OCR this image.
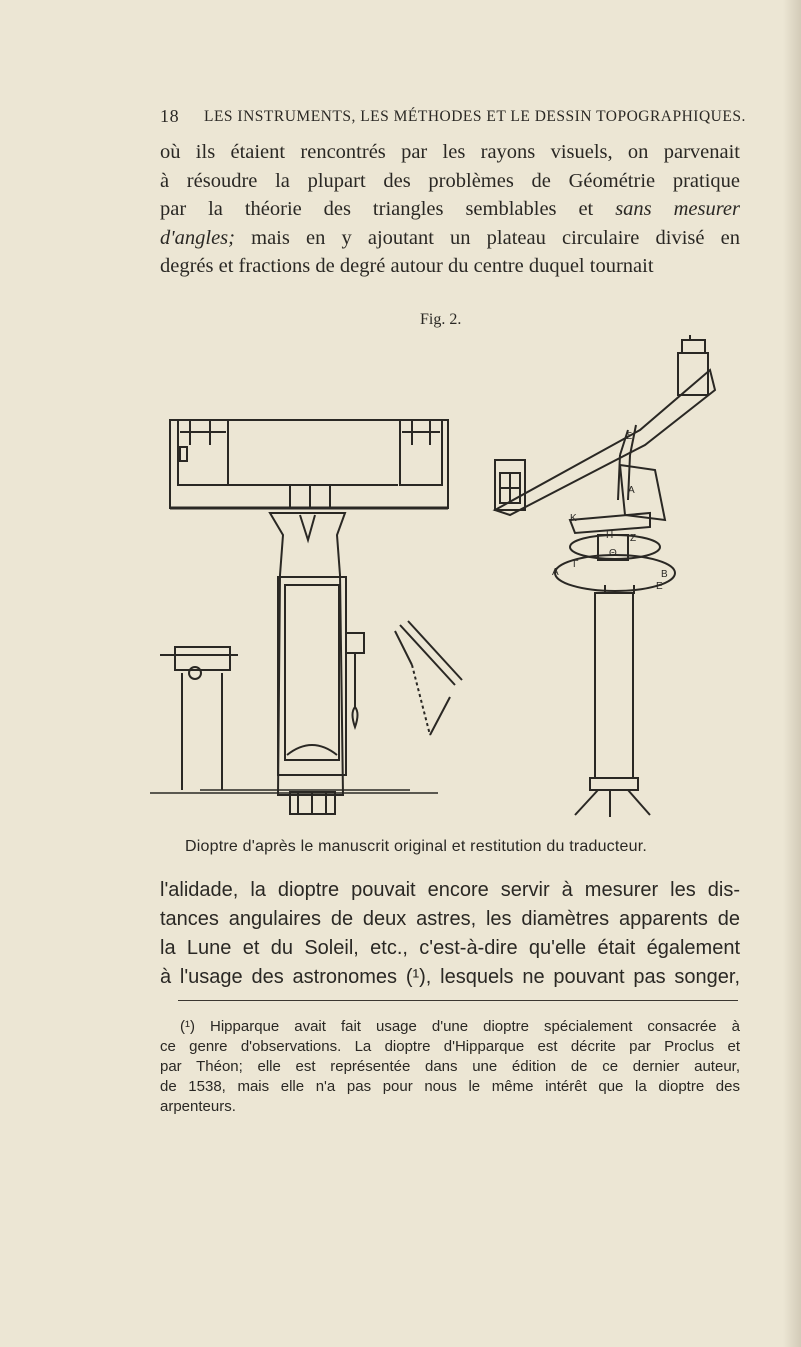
18 LES INSTRUMENTS, LES MÉTHODES ET LE DESSIN TOPOGRAPHIQUES.
où ils étaient rencontrés par les rayons visuels, on parvenait
à résoudre la plupart des problèmes de Géométrie pratique
par la théorie des triangles semblables et sans mesurer
d'angles; mais en y ajoutant un plateau circulaire divisé en
degrés et fractions de degré autour du centre duquel tournait
Fig. 2.
A
A	B
K
H Z
Θ
Γ
E
Σ
Dioptre d'après le manuscrit original et restitution du traducteur.
l'alidade, la dioptre pouvait encore servir à mesurer les dis-
tances angulaires de deux astres, les diamètres apparents de
la Lune et du Soleil, etc., c'est-à-dire qu'elle était également
à l'usage des astronomes (¹), lesquels ne pouvant pas songer,
(¹) Hipparque avait fait usage d'une dioptre spécialement consacrée à
ce genre d'observations. La dioptre d'Hipparque est décrite par Proclus et
par Théon; elle est représentée dans une édition de ce dernier auteur,
de 1538, mais elle n'a pas pour nous le même intérêt que la dioptre des
arpenteurs.
